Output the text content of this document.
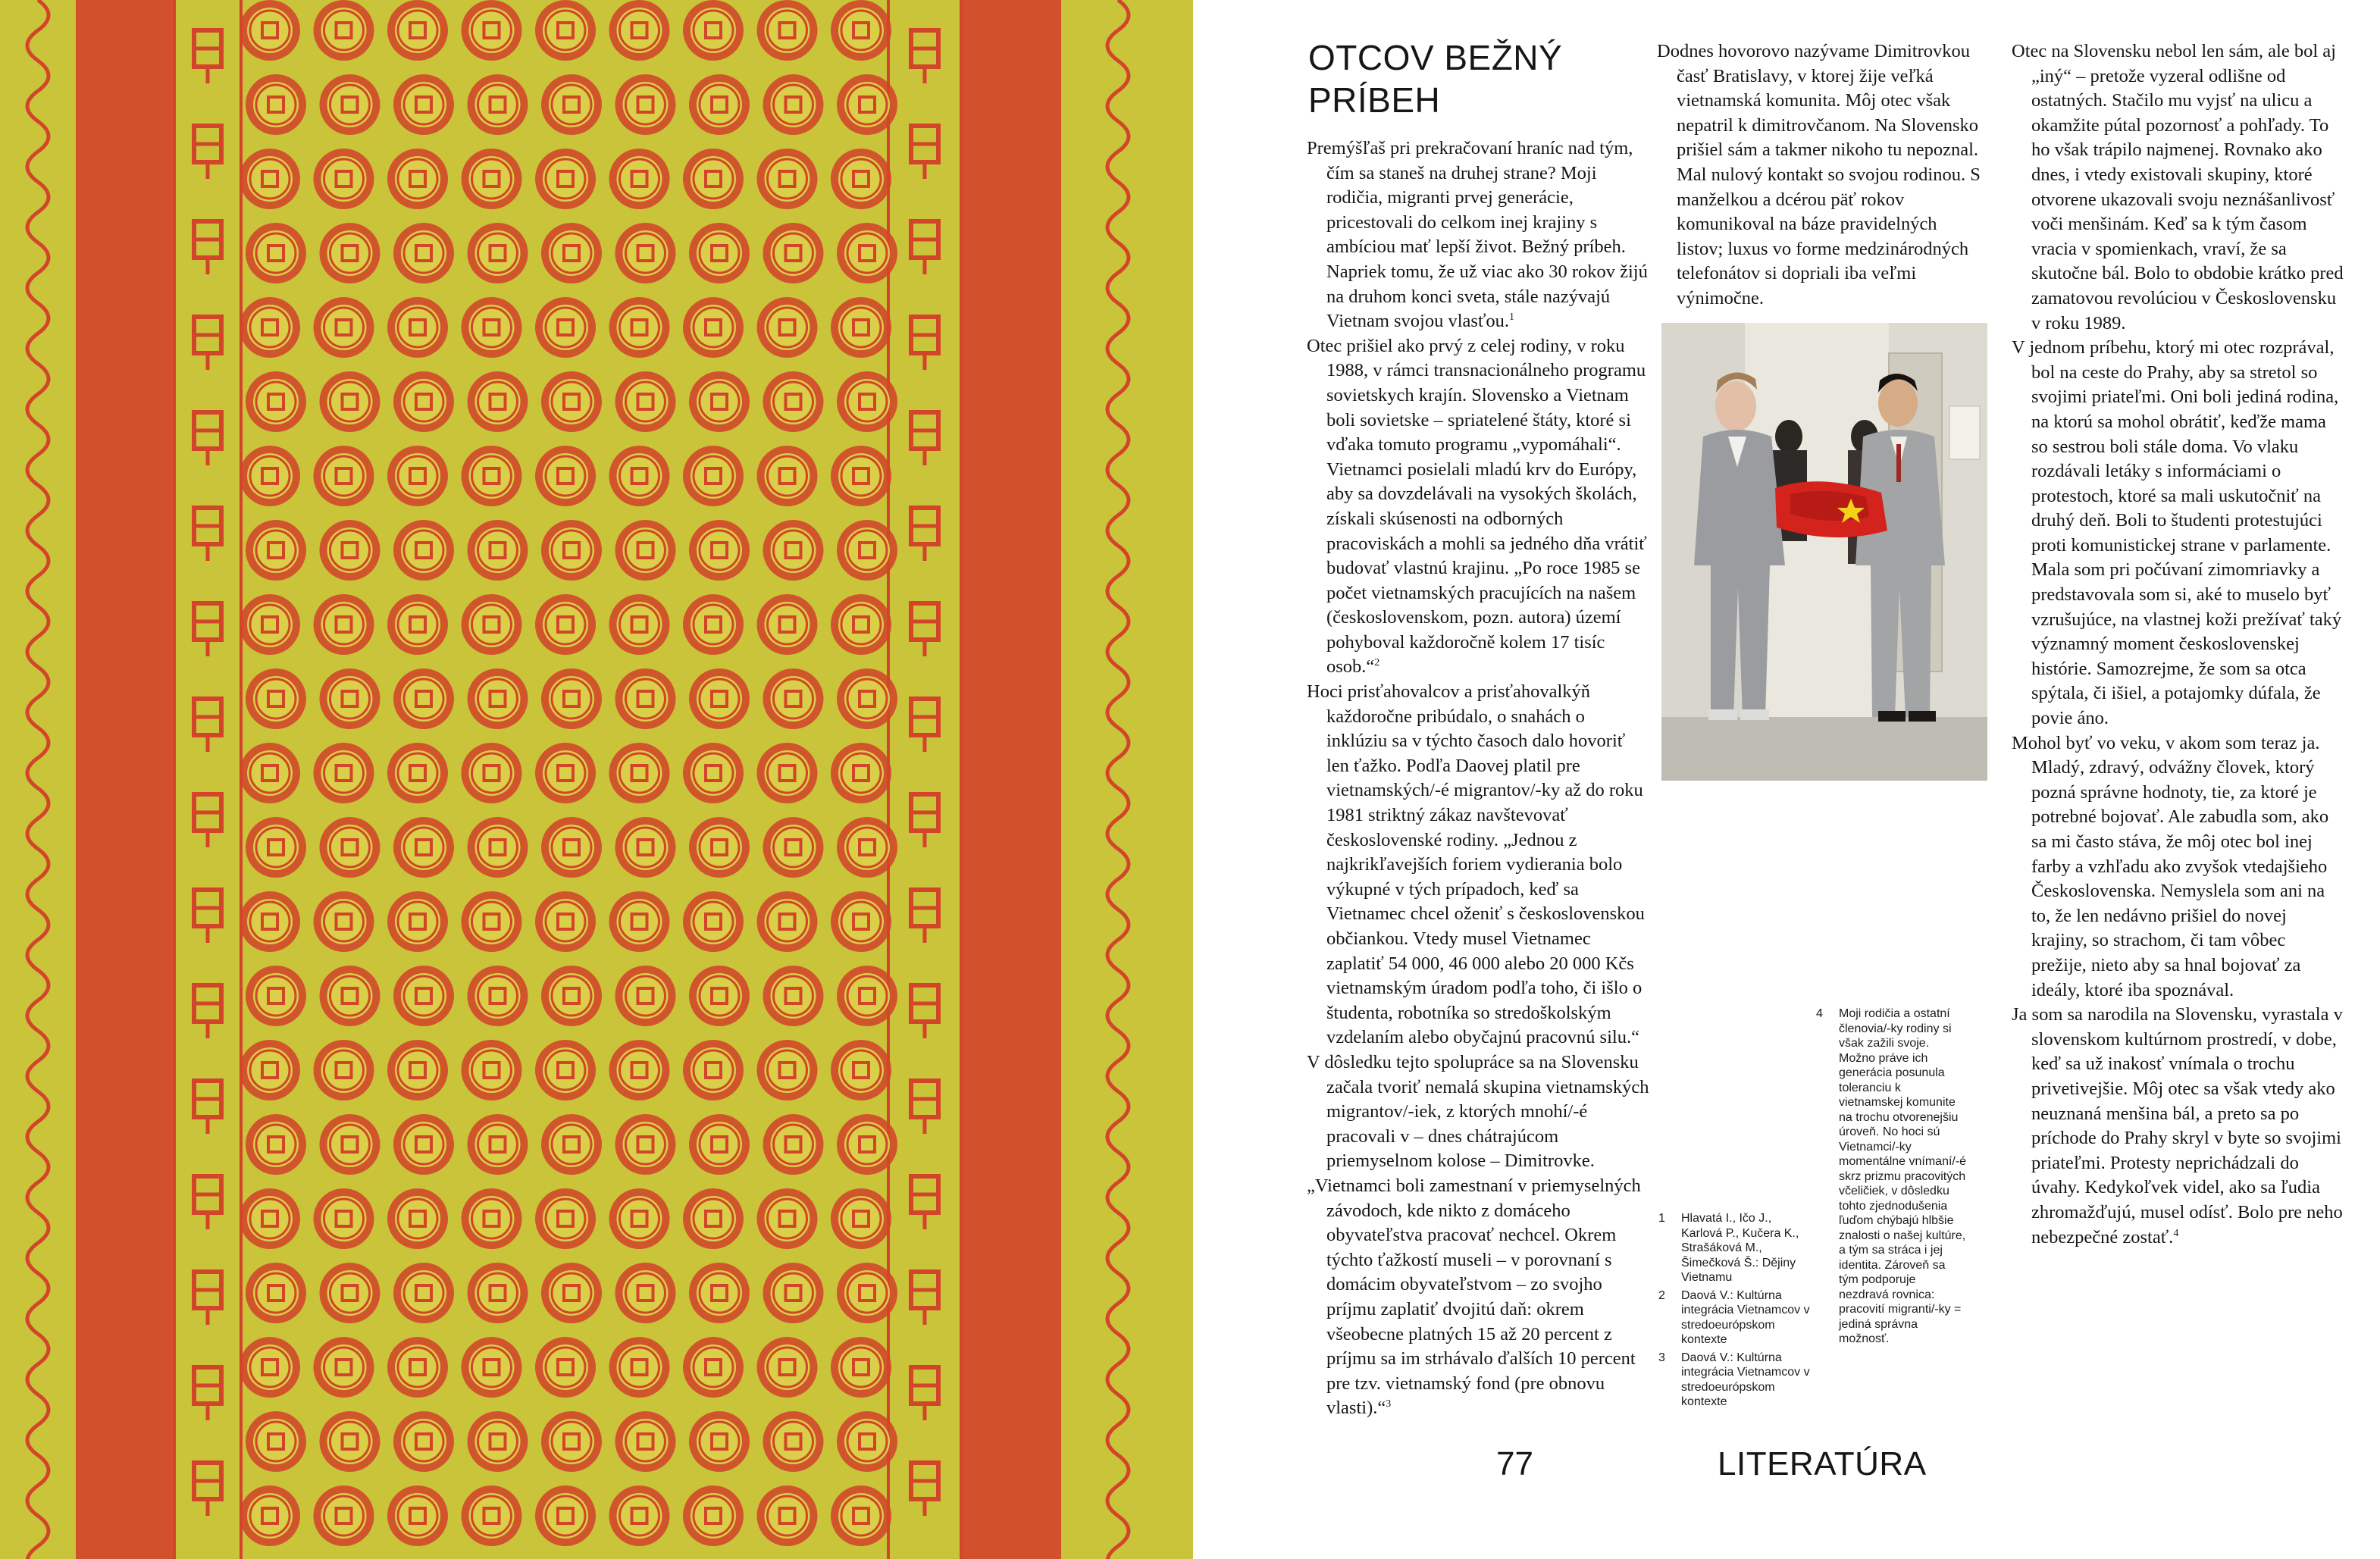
OTCOV BEŽNÝ PRÍBEH

Premýšľaš pri prekračovaní hraníc nad tým, čím sa staneš na druhej strane? Moji rodičia, migranti prvej generácie, pricestovali do celkom inej krajiny s ambíciou mať lepší život. Bežný príbeh. Napriek tomu, že už viac ako 30 rokov žijú na druhom konci sveta, stále nazývajú Vietnam svojou vlasťou.$^1$

Otec prišiel ako prvý z celej rodiny, v roku 1988, v rámci transnacionálneho programu sovietskych krajín. Slovensko a Vietnam boli sovietske – spriatelené štáty, ktoré si vďaka tomuto programu „vypomáhali“. Vietnamci posielali mladú krv do Európy, aby sa dovzdelávali na vysokých školách, získali skúsenosti na odborných pracoviskách a mohli sa jedného dňa vrátiť budovať vlastnú krajinu. „Po roce 1985 se počet vietnamských pracujících na našem (československom, pozn. autora) území pohyboval každoročně kolem 17 tisíc osob.“$^2$

Hoci prisťahovalcov a prisťahovalkýň každoročne pribúdalo, o snahách o inklúziu sa v týchto časoch dalo hovoriť len ťažko. Podľa Daovej platil pre vietnamských/-é migrantov/-ky až do roku 1981 striktný zákaz navštevovať československé rodiny. „Jednou z najkrikľavejších foriem vydierania bolo výkupné v tých prípadoch, keď sa Vietnamec chcel oženiť s československou občiankou. Vtedy musel Vietnamec zaplatiť 54 000, 46 000 alebo 20 000 Kčs vietnamským úradom podľa toho, či išlo o študenta, robotníka so stredoškolským vzdelaním alebo obyčajnú pracovnú silu.“

V dôsledku tejto spolupráce sa na Slovensku začala tvoriť nemalá skupina vietnamských migrantov/-iek, z ktorých mnohí/-é pracovali v – dnes chátrajúcom priemyselnom kolose – Dimitrovke.

„Vietnamci boli zamestnaní v priemyselných závodoch, kde nikto z domáceho obyvateľstva pracovať nechcel. Okrem týchto ťažkostí museli – v porovnaní s domácim obyvateľstvom – zo svojho príjmu zaplatiť dvojitú daň: okrem všeobecne platných 15 až 20 percent z príjmu sa im strhávalo ďalších 10 percent pre tzv. vietnamský fond (pre obnovu vlasti).“$^3$

Dodnes hovorovo nazývame Dimitrovkou časť Bratislavy, v ktorej žije veľká vietnamská komunita. Môj otec však nepatril k dimitrovčanom. Na Slovensko prišiel sám a takmer nikoho tu nepoznal. Mal nulový kontakt so svojou rodinou. S manželkou a dcérou päť rokov komunikoval na báze pravidelných listov; luxus vo forme medzinárodných telefonátov si dopriali iba veľmi výnimočne.

1 Hlavatá I., Ičo J., Karlová P., Kučera K., Strašáková M., Šimečková Š.: Dějiny Vietnamu
2 Daová V.: Kultúrna integrácia Vietnamcov v stredoeurópskom kontexte
3 Daová V.: Kultúrna integrácia Vietnamcov v stredoeurópskom kontexte
4 Moji rodičia a ostatní členovia/-ky rodiny si však zažili svoje. Možno práve ich generácia posunula toleranciu k vietnamskej komunite na trochu otvorenejšiu úroveň. No hoci sú Vietnamci/-ky momentálne vnímaní/-é skrz prizmu pracovitých včeličiek, v dôsledku tohto zjednodušenia ľuďom chýbajú hlbšie znalosti o našej kultúre, a tým sa stráca i jej identita. Zároveň sa tým podporuje nezdravá rovnica: pracovití migranti/-ky = jediná správna možnosť.

Otec na Slovensku nebol len sám, ale bol aj „iný“ – pretože vyzeral odlišne od ostatných. Stačilo mu vyjsť na ulicu a okamžite pútal pozornosť a pohľady. To ho však trápilo najmenej. Rovnako ako dnes, i vtedy existovali skupiny, ktoré otvorene ukazovali svoju neznášanlivosť voči menšinám. Keď sa k tým časom vracia v spomienkach, vraví, že sa skutočne bál. Bolo to obdobie krátko pred zamatovou revolúciou v Československu v roku 1989.

V jednom príbehu, ktorý mi otec rozprával, bol na ceste do Prahy, aby sa stretol so svojimi priateľmi. Oni boli jediná rodina, na ktorú sa mohol obrátiť, keďže mama so sestrou boli stále doma. Vo vlaku rozdávali letáky s informáciami o protestoch, ktoré sa mali uskutočniť na druhý deň. Boli to študenti protestujúci proti komunistickej strane v parlamente. Mala som pri počúvaní zimomriavky a predstavovala som si, aké to muselo byť vzrušujúce, na vlastnej koži prežívať taký významný moment československej histórie. Samozrejme, že som sa otca spýtala, či išiel, a potajomky dúfala, že povie áno.

Mohol byť vo veku, v akom som teraz ja. Mladý, zdravý, odvážny človek, ktorý pozná správne hodnoty, tie, za ktoré je potrebné bojovať. Ale zabudla som, ako sa mi často stáva, že môj otec bol inej farby a vzhľadu ako zvyšok vtedajšieho Československa. Nemyslela som ani na to, že len nedávno prišiel do novej krajiny, so strachom, či tam vôbec prežije, nieto aby sa hnal bojovať za ideály, ktoré iba spoznával.

Ja som sa narodila na Slovensku, vyrastala v slovenskom kultúrnom prostredí, v dobe, keď sa už inakosť vnímala o trochu privetivejšie. Môj otec sa však vtedy ako neuznaná menšina bál, a preto sa po príchode do Prahy skryl v byte so svojimi priateľmi. Protesty neprichádzali do úvahy. Kedykoľvek videl, ako sa ľudia zhromažďujú, musel odísť. Bolo pre neho nebezpečné zostať.$^4$

77	LITERATÚRA
